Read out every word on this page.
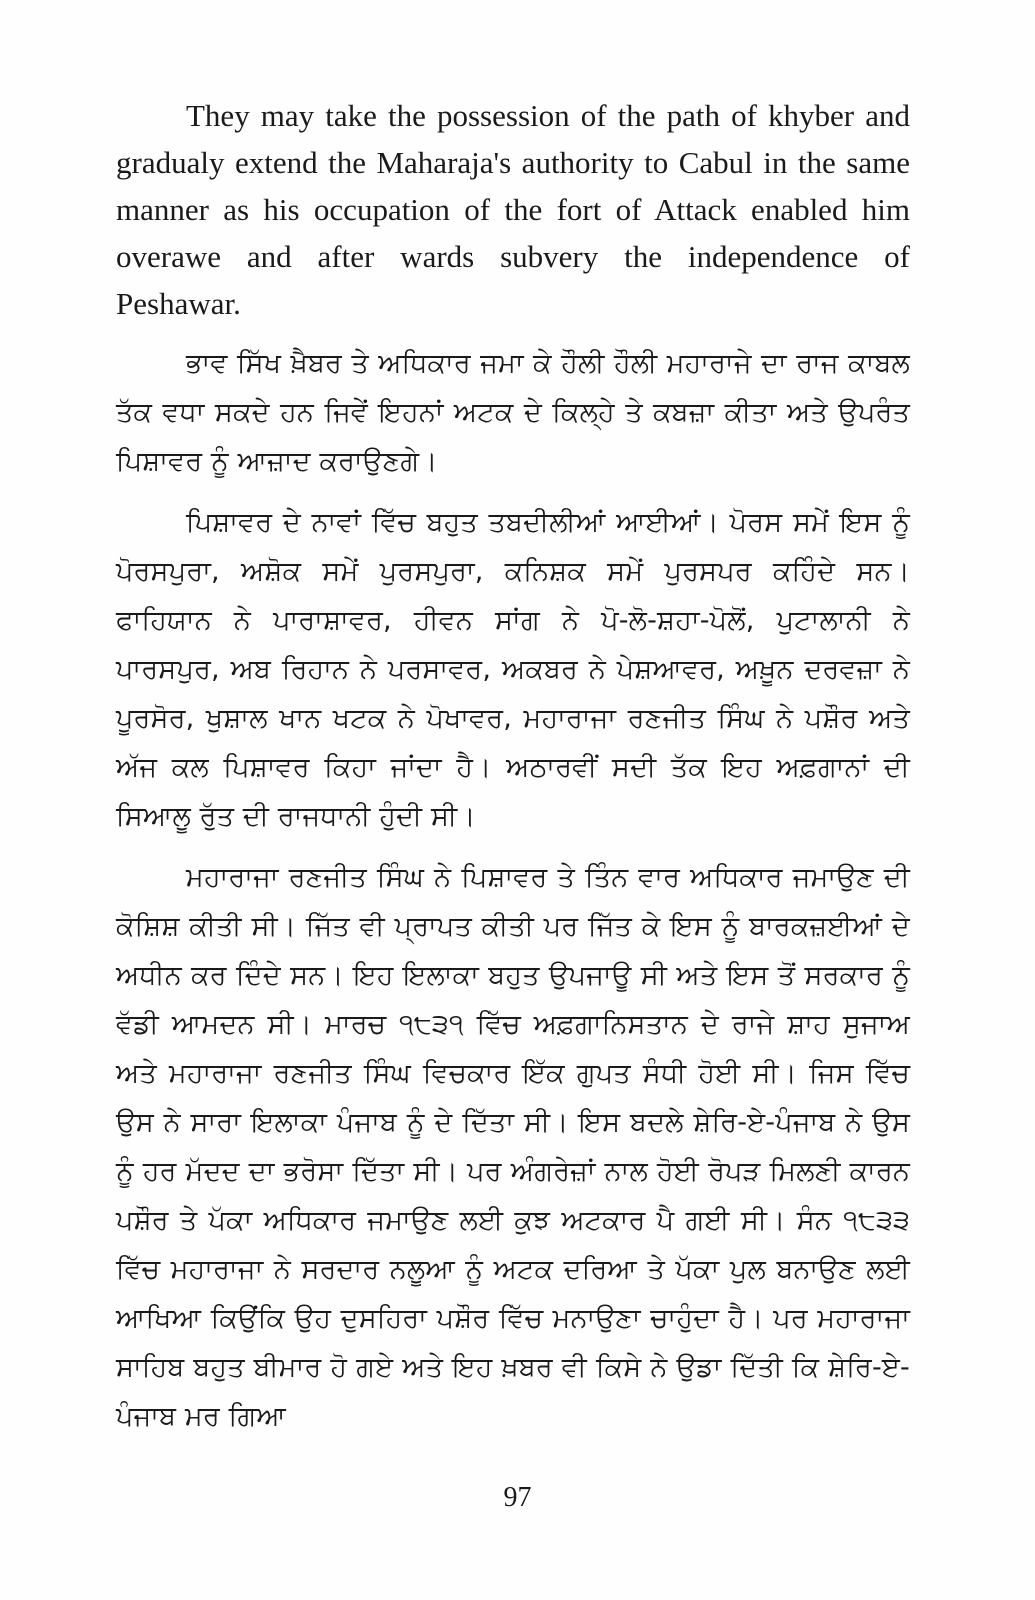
They may take the possession of the path of khyber and gradualy extend the Maharaja's authority to Cabul in the same manner as his occupation of the fort of Attack enabled him overawe and after wards subvery the independence of Peshawar.

ਭਾਵ ਸਿੱਖ ਖ਼ੈਬਰ ਤੇ ਅਧਿਕਾਰ ਜਮਾ ਕੇ ਹੌਲੀ ਹੌਲੀ ਮਹਾਰਾਜੇ ਦਾ ਰਾਜ ਕਾਬਲ ਤੱਕ ਵਧਾ ਸਕਦੇ ਹਨ ਜਿਵੇਂ ਇਹਨਾਂ ਅਟਕ ਦੇ ਕਿਲ੍ਹੇ ਤੇ ਕਬਜ਼ਾ ਕੀਤਾ ਅਤੇ ਉਪਰੰਤ ਪਿਸ਼ਾਵਰ ਨੂੰ ਆਜ਼ਾਦ ਕਰਾਉਣਗੇ।

ਪਿਸ਼ਾਵਰ ਦੇ ਨਾਵਾਂ ਵਿੱਚ ਬਹੁਤ ਤਬਦੀਲੀਆਂ ਆਈਆਂ। ਪੋਰਸ ਸਮੇਂ ਇਸ ਨੂੰ ਪੋਰਸਪੁਰਾ, ਅਸ਼ੋਕ ਸਮੇਂ ਪੁਰਸਪੁਰਾ, ਕਨਿਸ਼ਕ ਸਮੇਂ ਪੁਰਸਪਰ ਕਹਿੰਦੇ ਸਨ। ਫਾਹਿਯਾਨ ਨੇ ਪਾਰਾਸ਼ਾਵਰ, ਹੀਵਨ ਸਾਂਗ ਨੇ ਪੋ-ਲੋ-ਸ਼ਹਾ-ਪੋਲੋਂ, ਪੁਟਾਲਾਨੀ ਨੇ ਪਾਰਸਪੁਰ, ਅਬ ਰਿਹਾਨ ਨੇ ਪਰਸਾਵਰ, ਅਕਬਰ ਨੇ ਪੇਸ਼ਆਵਰ, ਅਖ਼ੂਨ ਦਰਵਜ਼ਾ ਨੇ ਪੂਰਸੋਰ, ਖੁਸ਼ਾਲ ਖਾਨ ਖਟਕ ਨੇ ਪੋਖਾਵਰ, ਮਹਾਰਾਜਾ ਰਣਜੀਤ ਸਿੰਘ ਨੇ ਪਸ਼ੌਰ ਅਤੇ ਅੱਜ ਕਲ ਪਿਸ਼ਾਵਰ ਕਿਹਾ ਜਾਂਦਾ ਹੈ। ਅਠਾਰਵੀਂ ਸਦੀ ਤੱਕ ਇਹ ਅਫ਼ਗਾਨਾਂ ਦੀ ਸਿਆਲੂ ਰੁੱਤ ਦੀ ਰਾਜਧਾਨੀ ਹੁੰਦੀ ਸੀ।

ਮਹਾਰਾਜਾ ਰਣਜੀਤ ਸਿੰਘ ਨੇ ਪਿਸ਼ਾਵਰ ਤੇ ਤਿੰਨ ਵਾਰ ਅਧਿਕਾਰ ਜਮਾਉਣ ਦੀ ਕੋਸ਼ਿਸ਼ ਕੀਤੀ ਸੀ। ਜਿੱਤ ਵੀ ਪ੍ਰਾਪਤ ਕੀਤੀ ਪਰ ਜਿੱਤ ਕੇ ਇਸ ਨੂੰ ਬਾਰਕਜ਼ਈਆਂ ਦੇ ਅਧੀਨ ਕਰ ਦਿੰਦੇ ਸਨ। ਇਹ ਇਲਾਕਾ ਬਹੁਤ ਉਪਜਾਊ ਸੀ ਅਤੇ ਇਸ ਤੋਂ ਸਰਕਾਰ ਨੂੰ ਵੱਡੀ ਆਮਦਨ ਸੀ। ਮਾਰਚ ੧੮੩੧ ਵਿੱਚ ਅਫ਼ਗਾਨਿਸਤਾਨ ਦੇ ਰਾਜੇ ਸ਼ਾਹ ਸੁਜਾਅ ਅਤੇ ਮਹਾਰਾਜਾ ਰਣਜੀਤ ਸਿੰਘ ਵਿਚਕਾਰ ਇੱਕ ਗੁਪਤ ਸੰਧੀ ਹੋਈ ਸੀ। ਜਿਸ ਵਿੱਚ ਉਸ ਨੇ ਸਾਰਾ ਇਲਾਕਾ ਪੰਜਾਬ ਨੂੰ ਦੇ ਦਿੱਤਾ ਸੀ। ਇਸ ਬਦਲੇ ਸ਼ੇਰਿ-ਏ-ਪੰਜਾਬ ਨੇ ਉਸ ਨੂੰ ਹਰ ਮੱਦਦ ਦਾ ਭਰੋਸਾ ਦਿੱਤਾ ਸੀ। ਪਰ ਅੰਗਰੇਜ਼ਾਂ ਨਾਲ ਹੋਈ ਰੋਪੜ ਮਿਲਣੀ ਕਾਰਨ ਪਸ਼ੌਰ ਤੇ ਪੱਕਾ ਅਧਿਕਾਰ ਜਮਾਉਣ ਲਈ ਕੁਝ ਅਟਕਾਰ ਪੈ ਗਈ ਸੀ। ਸੰਨ ੧੮੩੩ ਵਿੱਚ ਮਹਾਰਾਜਾ ਨੇ ਸਰਦਾਰ ਨਲੂਆ ਨੂੰ ਅਟਕ ਦਰਿਆ ਤੇ ਪੱਕਾ ਪੁਲ ਬਨਾਉਣ ਲਈ ਆਖਿਆ ਕਿਉਂਕਿ ਉਹ ਦੁਸਹਿਰਾ ਪਸ਼ੌਰ ਵਿੱਚ ਮਨਾਉਣਾ ਚਾਹੁੰਦਾ ਹੈ। ਪਰ ਮਹਾਰਾਜਾ ਸਾਹਿਬ ਬਹੁਤ ਬੀਮਾਰ ਹੋ ਗਏ ਅਤੇ ਇਹ ਖ਼ਬਰ ਵੀ ਕਿਸੇ ਨੇ ਉਡਾ ਦਿੱਤੀ ਕਿ ਸ਼ੇਰਿ-ਏ-ਪੰਜਾਬ ਮਰ ਗਿਆ

97
